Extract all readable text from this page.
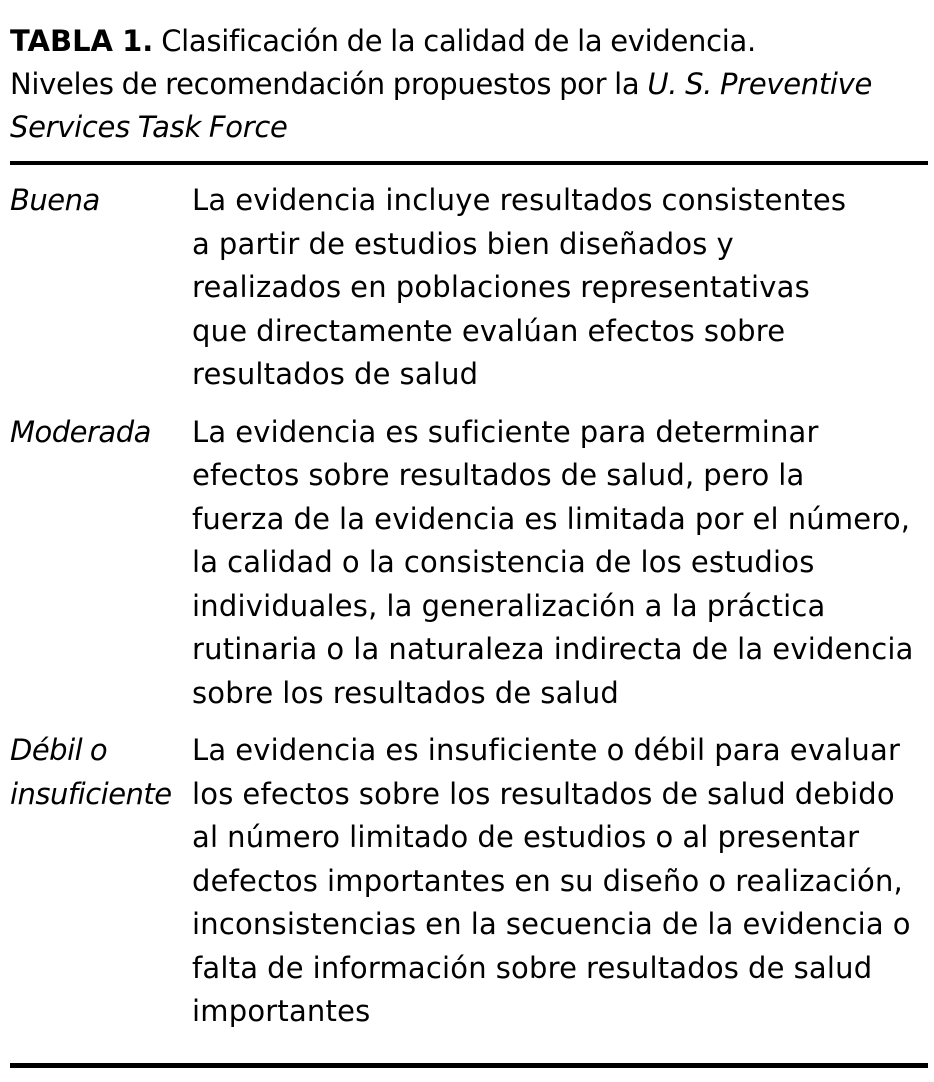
TABLA 1. Clasificación de la calidad de la evidencia.
Niveles de recomendación propuestos por la U. S. Preventive
Services Task Force
Buena	La evidencia incluye resultados consistentes
a partir de estudios bien diseñados y
realizados en poblaciones representativas
que directamente evalúan efectos sobre
resultados de salud
Moderada	La evidencia es suficiente para determinar
efectos sobre resultados de salud, pero la
fuerza de la evidencia es limitada por el número,
la calidad o la consistencia de los estudios
individuales, la generalización a la práctica
rutinaria o la naturaleza indirecta de la evidencia
sobre los resultados de salud
Débil o
insuficiente
La evidencia es insuficiente o débil para evaluar
los efectos sobre los resultados de salud debido
al número limitado de estudios o al presentar
defectos importantes en su diseño o realización,
inconsistencias en la secuencia de la evidencia o
falta de información sobre resultados de salud
importantes
